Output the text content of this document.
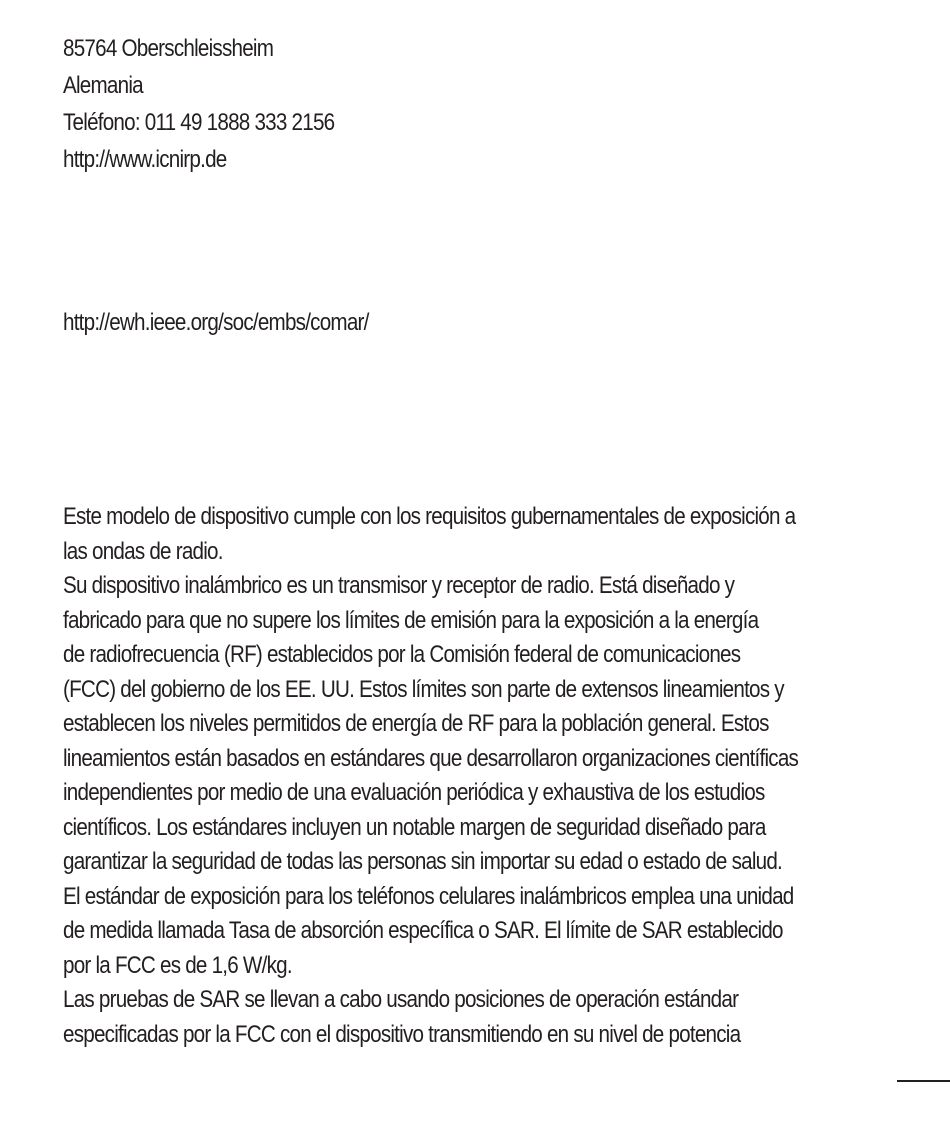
85764 Oberschleissheim
Alemania
Teléfono: 011 49 1888 333 2156
http://www.icnirp.de
http://ewh.ieee.org/soc/embs/comar/
Este modelo de dispositivo cumple con los requisitos gubernamentales de exposición a
las ondas de radio.
Su dispositivo inalámbrico es un transmisor y receptor de radio. Está diseñado y
fabricado para que no supere los límites de emisión para la exposición a la energía
de radiofrecuencia (RF) establecidos por la Comisión federal de comunicaciones
(FCC) del gobierno de los EE. UU. Estos límites son parte de extensos lineamientos y
establecen los niveles permitidos de energía de RF para la población general. Estos
lineamientos están basados en estándares que desarrollaron organizaciones científicas
independientes por medio de una evaluación periódica y exhaustiva de los estudios
científicos. Los estándares incluyen un notable margen de seguridad diseñado para
garantizar la seguridad de todas las personas sin importar su edad o estado de salud.
El estándar de exposición para los teléfonos celulares inalámbricos emplea una unidad
de medida llamada Tasa de absorción específica o SAR. El límite de SAR establecido
por la FCC es de 1,6 W/kg.
Las pruebas de SAR se llevan a cabo usando posiciones de operación estándar
especificadas por la FCC con el dispositivo transmitiendo en su nivel de potencia
